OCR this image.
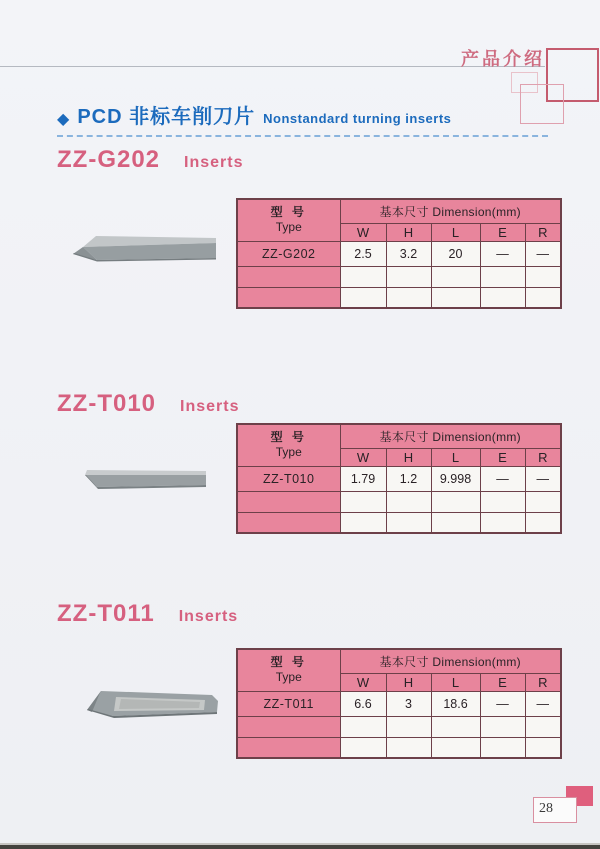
产品介绍
◆ PCD 非标车削刀片 Nonstandard turning inserts
ZZ-G202 Inserts
型 号
Type	基本尺寸 Dimension(mm)				
	W	H	L	E	R
ZZ-G202	2.5	3.2	20	—	—

ZZ-T010 Inserts
型 号
Type	基本尺寸 Dimension(mm)				
	W	H	L	E	R
ZZ-T010	1.79	1.2	9.998	—	—

ZZ-T011 Inserts
型 号
Type	基本尺寸 Dimension(mm)				
	W	H	L	E	R
ZZ-T011	6.6	3	18.6	—	—

28
